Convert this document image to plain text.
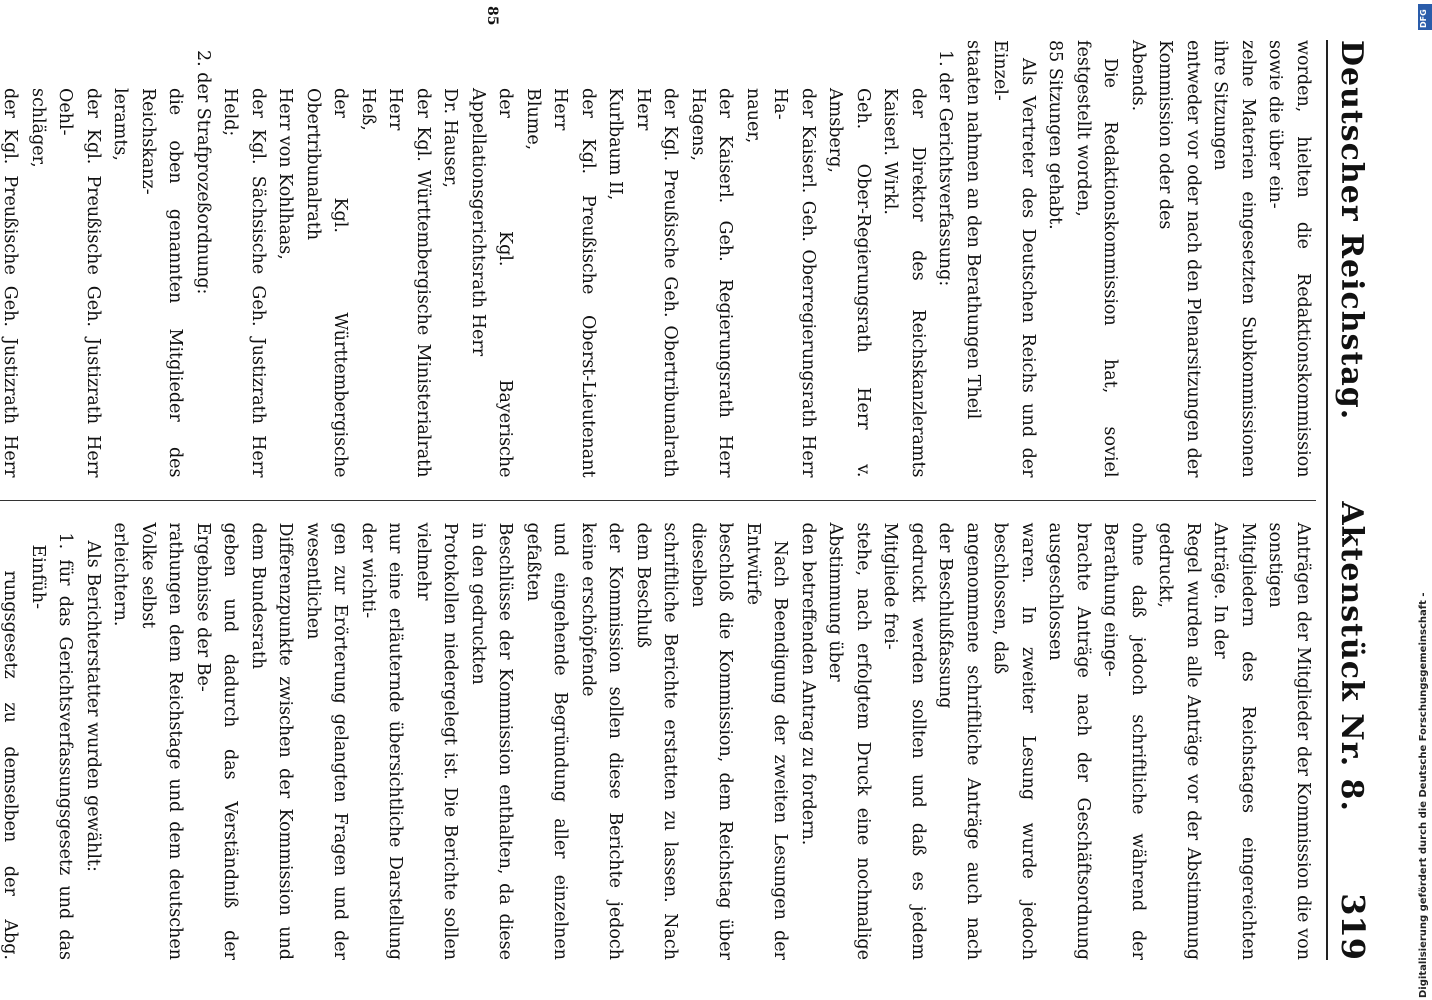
Deutscher Reichstag.
Aktenstück Nr. 8.
319

worden, hielten die Redaktionskommission sowie die über ein-

zelne Materien eingesetzten Subkommissionen ihre Sitzungen

entweder vor oder nach den Plenarsitzungen der Kommission oder des

Abends.

Die Redaktionskommission hat, soviel festgestellt worden,

85 Sitzungen gehabt.

Als Vertreter des Deutschen Reichs und der Einzel-

staaten nahmen an den Berathungen Theil

1. der Gerichtsverfassung:

der Direktor des Reichskanzleramts Kaiserl. Wirkl.

Geh. Ober-Regierungsrath Herr v. Amsberg,

der Kaiserl. Geh. Oberregierungsrath Herr Ha-

nauer,

der Kaiserl. Geh. Regierungsrath Herr Hagens,

der Kgl. Preußische Geh. Obertribunalrath Herr

Kurlbaum II,

der Kgl. Preußische Oberst-Lieutenant Herr

Blume,

der Kgl. Bayerische Appellationsgerichtsrath Herr

Dr. Hauser,

der Kgl. Württembergische Ministerialrath Herr

Heß,

der Kgl. Württembergische Obertribunalrath

Herr von Kohlhaas,

der Kgl. Sächsische Geh. Justizrath Herr Held;

2. der Strafprozeßordnung:

die oben genannten Mitglieder des Reichskanz-

leramts,

der Kgl. Preußische Geh. Justizrath Herr Oehl-

schläger,

der Kgl. Preußische Geh. Justizrath Herr

Anträgen der Mitglieder der Kommission die von sonstigen

Mitgliedern des Reichstages eingereichten Anträge. In der

Regel wurden alle Anträge vor der Abstimmung gedruckt,

ohne daß jedoch schriftliche während der Berathung einge-

brachte Anträge nach der Geschäftsordnung ausgeschlossen

waren. In zweiter Lesung wurde jedoch beschlossen, daß

angenommene schriftliche Anträge auch nach der Beschlußfassung

gedruckt werden sollten und daß es jedem Mitgliede frei-

stehe, nach erfolgtem Druck eine nochmalige Abstimmung über

den betreffenden Antrag zu fordern.

Nach Beendigung der zweiten Lesungen der Entwürfe

beschloß die Kommission, dem Reichstag über dieselben

schriftliche Berichte erstatten zu lassen. Nach dem Beschluß

der Kommission sollen diese Berichte jedoch keine erschöpfende

und eingehende Begründung aller einzelnen gefaßten

Beschlüsse der Kommission enthalten, da diese in den gedruckten

Protokollen niedergelegt ist. Die Berichte sollen vielmehr

nur eine erläuternde übersichtliche Darstellung der wichti-

gen zur Erörterung gelangten Fragen und der wesentlichen

Differenzpunkte zwischen der Kommission und dem Bundesrath

geben und dadurch das Verständniß der Ergebnisse der Be-

rathungen dem Reichstage und dem deutschen Volke selbst

erleichtern.

Als Berichterstatter wurden gewählt:

1. für das Gerichtsverfassungsgesetz und das Einfüh-

rungsgesetz zu demselben der Abg.

85
Digitalisierung gefördert durch die Deutsche Forschungsgemeinschaft -
DFG
